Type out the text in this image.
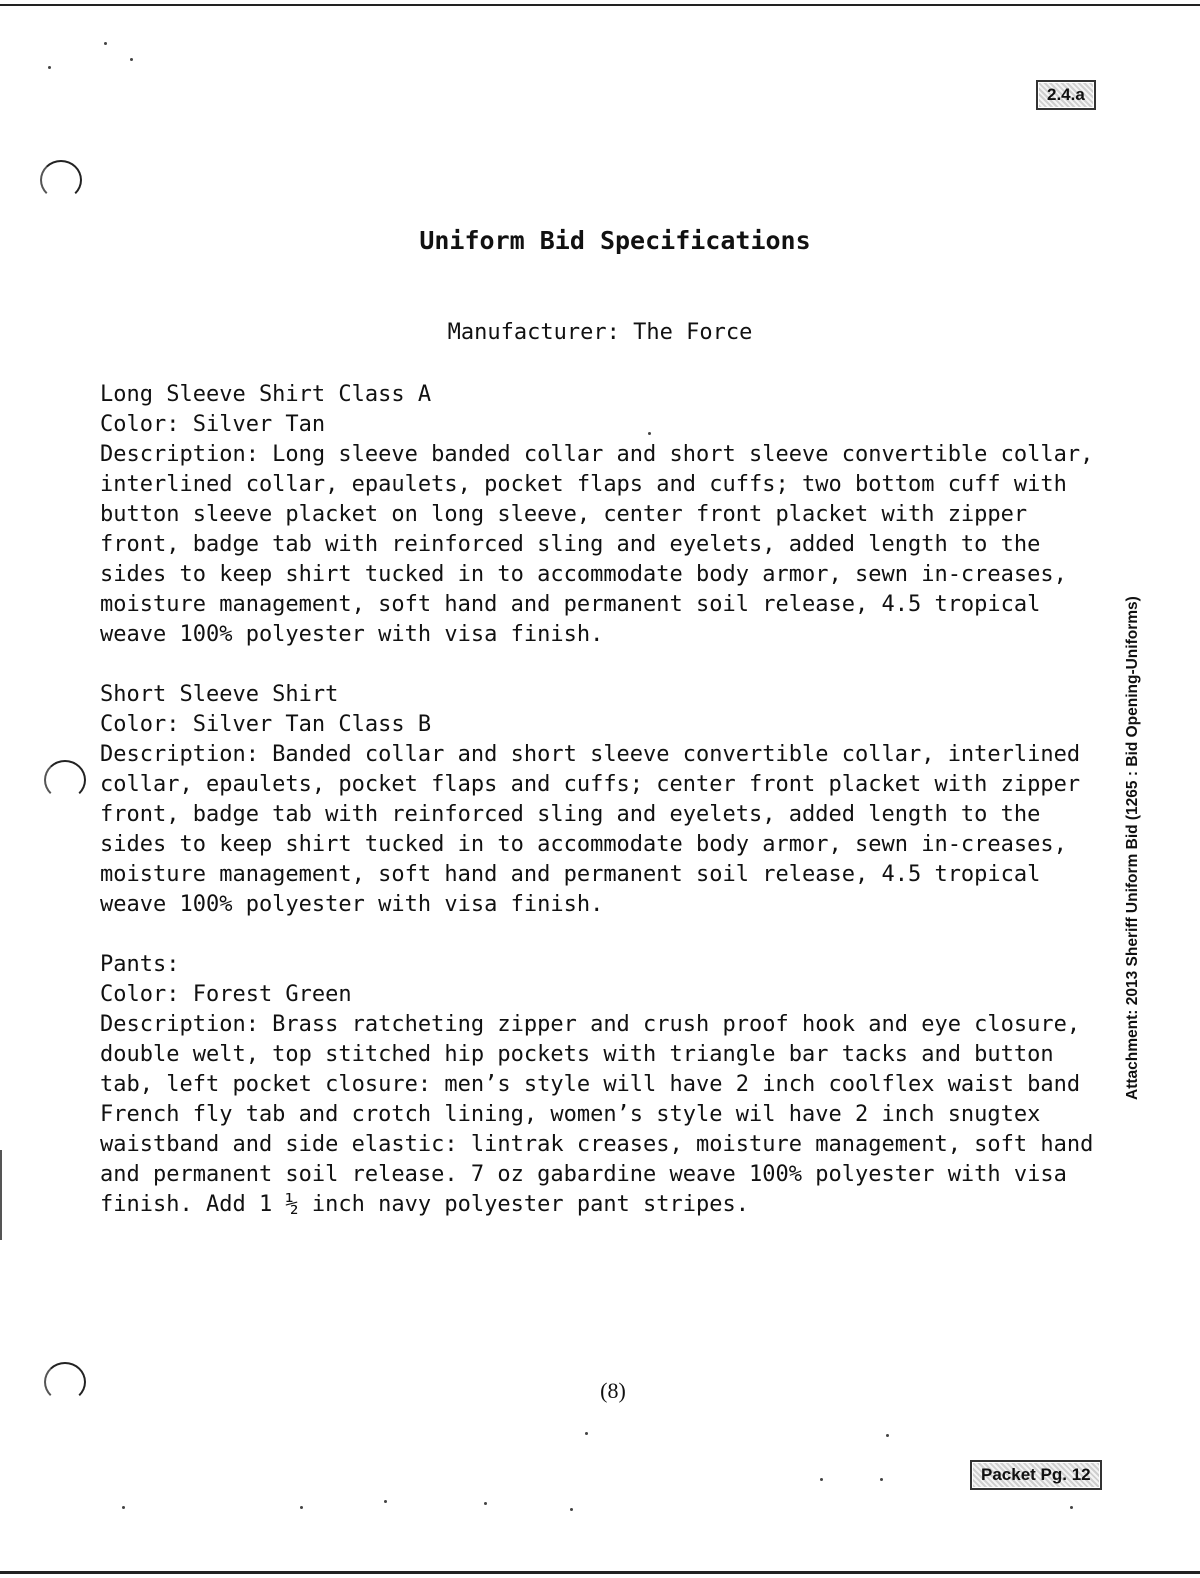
2.4.a
Uniform Bid Specifications
Manufacturer: The Force
Long Sleeve Shirt Class A
Color: Silver Tan
Description: Long sleeve banded collar and short sleeve convertible collar, interlined collar, epaulets, pocket flaps and cuffs; two bottom cuff with button sleeve placket on long sleeve, center front placket with zipper front, badge tab with reinforced sling and eyelets, added length to the sides to keep shirt tucked in to accommodate body armor, sewn in-creases, moisture management, soft hand and permanent soil release, 4.5 tropical weave 100% polyester with visa finish.
Short Sleeve Shirt
Color: Silver Tan Class B
Description: Banded collar and short sleeve convertible collar, interlined collar, epaulets, pocket flaps and cuffs; center front placket with zipper front, badge tab with reinforced sling and eyelets, added length to the sides to keep shirt tucked in to accommodate body armor, sewn in-creases, moisture management, soft hand and permanent soil release, 4.5 tropical weave 100% polyester with visa finish.
Pants:
Color: Forest Green
Description: Brass ratcheting zipper and crush proof hook and eye closure, double welt, top stitched hip pockets with triangle bar tacks and button tab, left pocket closure: men’s style will have 2 inch coolflex waist band French fly tab and crotch lining, women’s style wil have 2 inch snugtex waistband and side elastic: lintrak creases, moisture management, soft hand and permanent soil release. 7 oz gabardine weave 100% polyester with visa finish. Add 1 ½ inch navy polyester pant stripes.
Attachment: 2013 Sheriff Uniform Bid (1265 : Bid Opening-Uniforms)
(8)
Packet Pg. 12
